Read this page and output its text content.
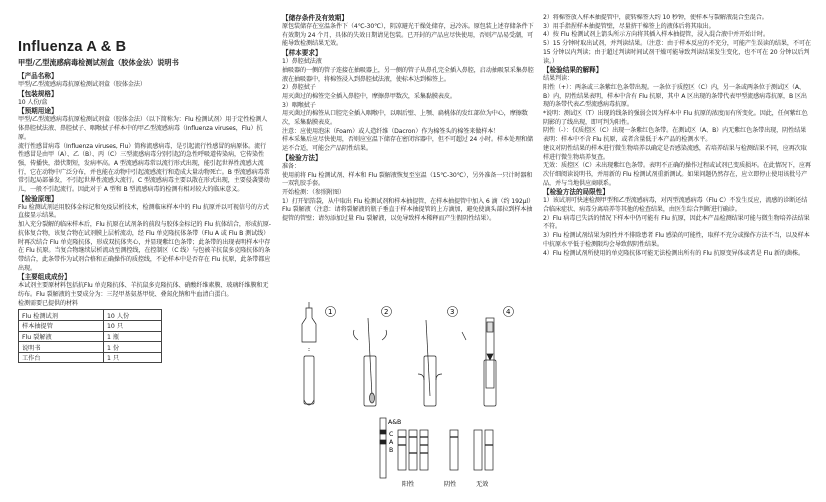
Influenza A & B
甲型/乙型流感病毒检测试剂盒（胶体金法）说明书
【产品名称】
甲型/乙型流感病毒抗原检测试剂盒（胶体金法）
【包装规格】
10 人份/盒
【预期用途】
甲型/乙型流感病毒抗原检测试剂盒（胶体金法）（以下简称为：Flu 检测试剂）用于定性检测人体鼻腔拭法液、鼻腔拭子、咽喉拭子样本中的甲乙型流感病毒（Influenza viruses，Flu）抗原。
流行性感冒病毒（Influenza viruses, Flu）简称流感病毒，是引起流行性感冒的病原体。流行性感冒是由甲（A）、乙（B）、丙（C）三型流感病毒分别引起的急性呼吸道传染病，它传染性强，传播快，潜伏期短，发病率高。A 型流感病毒常以流行形式出现，能引起世界性流感大流行，它在动物中广泛分布，并也能在动物中引起流感流行和造成大量动物死亡。B 型流感病毒常常引起局部暴发，不引起世界性流感大流行。C 型流感病毒主要以散在形式出现，主要侵袭婴幼儿，一般不引起流行。因此对于 A 型和 B 型流感病毒的检测有相对较大的临床意义。
【检验原理】
Flu 检测试剂运用胶体金标记和免疫层析技术，检测临床样本中的 Flu 抗原并以可视信号的方式直接显示结果。
加入充分裂解的临床样本后，Flu 抗原在试剂条的前段与胶体金标记的 Flu 抗体结合，形成抗原-抗体复合物，该复合物在试剂膜上层析流动，经 Flu 单克隆抗体条带（Flu A 或 Flu B 测试线）时再次结合 Flu 单克隆抗体，形成双抗体夹心，并显现紫红色条带；此条带的出现表明样本中存在 Flu 抗原。当复合物继续层析流动至测控线，在控制区（C 线）与包被羊抗鼠多克隆抗体的条带结合，此条带作为试剂合格和正确操作的质控线，不论样本中是否存在 Flu 抗原，此条带都应出现。
【主要组成成份】
本试剂主要原材料包括抗Flu 单克隆抗体、羊抗鼠多克隆抗体、硝酸纤维素膜、玻璃纤维膜和无纺布。Flu 裂解液的主要成分为：三羟甲基氨基甲烷、叠氮化钠和牛血清白蛋白。
检测需要已提供的材料
Flu 检测试剂	10 人份
样本抽提管	10 只
Flu 裂解液	1 瓶
说明书	1 份
工作台	1 只
【储存条件及有效期】
原包装储存在室温条件下（4℃-30℃），阴凉避光干燥处储存，忌冷冻。原包装上述存储条件下有效期为 24 个月，具体的失效日期请见包装。已开封的产品应尽快使用，否则产品易受潮，可能导致检测结果无效。
【样本要求】
1）鼻腔拭法液
抽吸器的一侧的管子连接在抽吸器上，另一侧的管子从鼻孔完全插入鼻腔，启动抽吸泵采集鼻腔液在抽吸器中，将棉签浸入到鼻腔拭法液，使标本达到棉签上。
2）鼻腔拭子
用灭菌过的棉签完全插入鼻腔中，摩擦鼻甲数次，采集黏膜表皮。
3）咽喉拭子
用灭菌过的棉签从口腔完全插入咽喉中，以咽后壁、上颚、扁桃体的发红部位为中心，摩擦数次，采集黏膜表皮。
注意：应使用泡沫（Foam）或人造纤维（Dacron）作为棉签头的棉签来做样本！
样本采集后应尽快使用，否则应室温下储存在密闭容器中，但不可超过 24 小时。样本处理和储运不合适，可能会产品阴性结果。
【检验方法】
准备：
使用前将 Flu 检测试剂、样本和 Flu 裂解液恢复至室温（15℃-30℃），另外准备一只计时器和一双乳胶手套。
开始检测：（参照附图）
1）打开铝箔袋，从中取出 Flu 检测试剂和样本抽提管，在样本抽提管中加入 6 滴（约 192μl）Flu 裂解液（注意：请将裂解液的瓶子垂直于样本抽提管的上方滴加，避免使滴头部拉到样本抽提管的管壁；请勿添加过量 Flu 裂解液，以免导致样本稀释而产生假阴性结果）。
2）将棉签放入样本抽提管中，旋转棉签大约 10 秒钟，使样本与裂解液混合至混合。
3）用手指捏样本抽提管壁，尽量挤干棉签上的液体后将其取出。
4）按 Flu 检测试剂上箭头所示方向将其插入样本抽提管，浸入混合液中并开始计时。
5）15 分钟时取出试剂，并判读结果。（注意：由于样本反应的不充分，可能产生误读的结果，不可在 15 分钟以内判读；由于超过判读时间试剂干燥可能导致判读结果发生变化，也不可在 20 分钟以后判读。）
【检验结果的解释】
结果判读：
阳性（+）：两条或三条紫红色条带出现。一条位于质控区（C）内，另一条或两条位于测试区（A、B）内，阴性结果表明，样本中含有 Flu 抗原，其中 A 区出现的条带代表甲型流感病毒抗原，B 区出现的条带代表乙型流感病毒抗原。
*说明：测试区（T）出现的线条的强弱会因为样本中 Flu 抗原的浓度而有所变化。因此，任何紫红色阴影的了线出现，即可判为阳性。
阴性（-）：仅质控区（C）出现一条紫红色条带。在测试区（A、B）内无紫红色条带出现，阴性结果表明：样本中不含 Flu 抗原，或者含量低于本产品的检测水平。
建议对阴性结果的样本进行微生物培养以确定是否感染流感，若培养结果与检测结果不同，应再次取样进行微生物培养复查。
无效：质控区（C）未出现紫红色条带。表明不正确的操作过程或试剂已变质损坏。在此情况下，应再次仔细阅读说明书，并用新的 Flu 检测试剂重新测试。如果问题仍然存在，应立即停止使用该批号产品，并与当地供应商联系。
【检验方法的局限性】
1）该试剂可快速检测甲型和乙型流感病毒，对丙型流感病毒（Flu C）不发生反应，流感的诊断还结合临床症状、病毒分离培养等其他的检查结果，由医生综合判断进行确诊。
2）Flu 病毒已失活的情况下样本中仍可能有 Flu 抗原，因此本产品检测结果可能与微生物培养法结果不符。
3）Flu 检测试剂结果为阴性并不排除患者 Flu 感染的可能性，取样不充分或操作方法不当，以及样本中抗原水平低于检测限均会导致假阴性结果。
4）Flu 检测试剂所使用的单克隆抗体可能无法检测出所有的 Flu 抗原变异体或者是 Flu 新的菌株。
1	2	3	4
A&B
C
A
B
阳性	阴性	无效
